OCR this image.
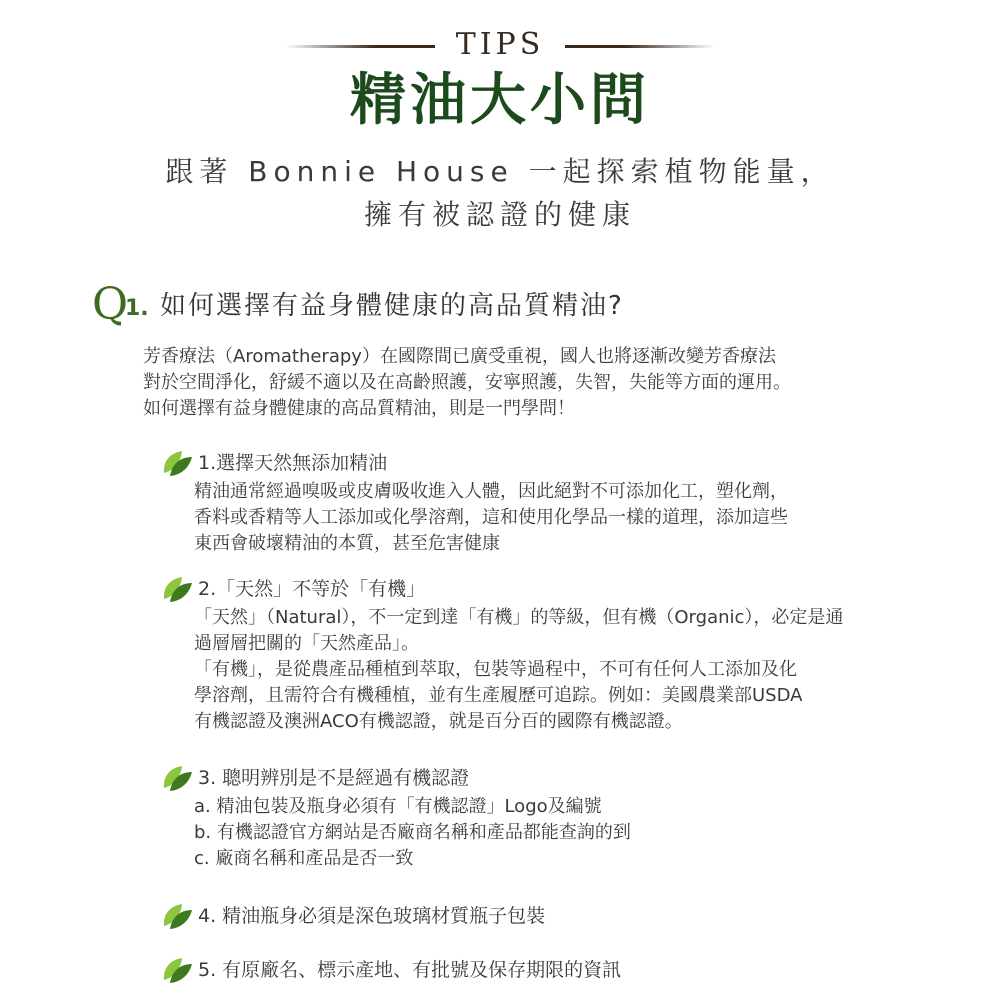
TIPS
精油大小問
跟著 Bonnie House 一起探索植物能量，
擁有被認證的健康
Q
1. 如何選擇有益身體健康的高品質精油?
芳香療法（Aromatherapy）在國際間已廣受重視，國人也將逐漸改變芳香療法
對於空間淨化，舒緩不適以及在高齡照護，安寧照護，失智，失能等方面的運用。
如何選擇有益身體健康的高品質精油，則是一門學問！
1.選擇天然無添加精油
精油通常經過嗅吸或皮膚吸收進入人體，因此絕對不可添加化工，塑化劑，
香料或香精等人工添加或化學溶劑，這和使用化學品一樣的道理，添加這些
東西會破壞精油的本質，甚至危害健康
2.「天然」不等於「有機」
「天然」（Natural），不一定到達「有機」的等級，但有機（Organic），必定是通
過層層把關的「天然產品」。
「有機」，是從農產品種植到萃取，包裝等過程中，不可有任何人工添加及化
學溶劑，且需符合有機種植，並有生產履歷可追踪。例如：美國農業部USDA
有機認證及澳洲ACO有機認證，就是百分百的國際有機認證。
3. 聰明辨別是不是經過有機認證
a. 精油包裝及瓶身必須有「有機認證」Logo及編號
b. 有機認證官方網站是否廠商名稱和產品都能查詢的到
c. 廠商名稱和產品是否一致
4. 精油瓶身必須是深色玻璃材質瓶子包裝
5. 有原廠名、標示產地、有批號及保存期限的資訊
